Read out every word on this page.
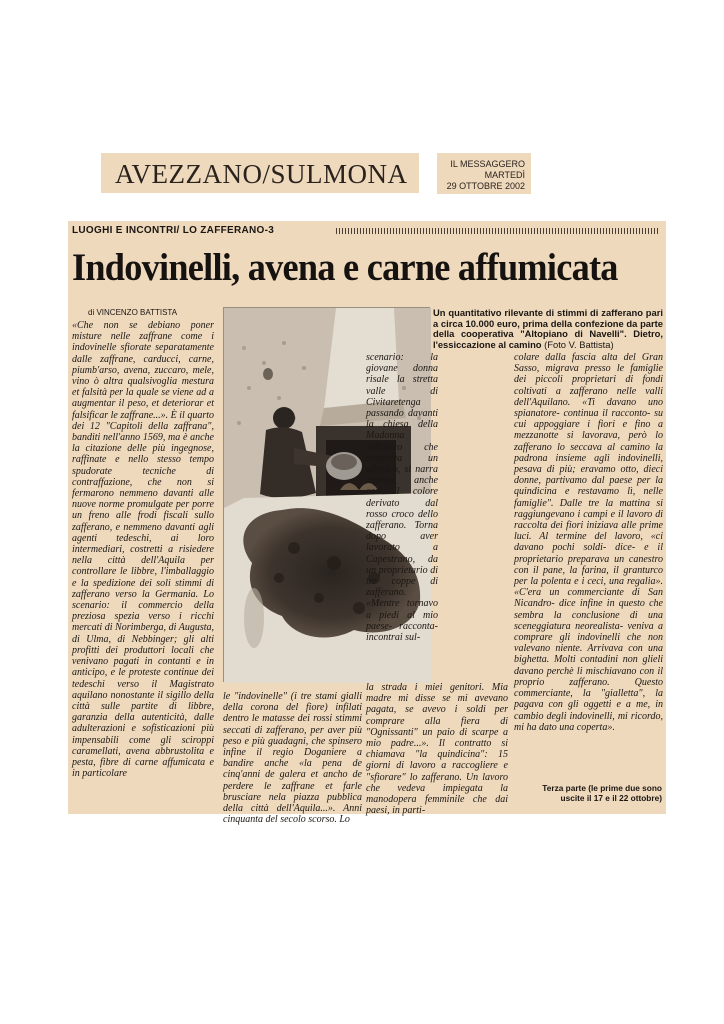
AVEZZANO/SULMONA	IL MESSAGGERO
MARTEDÌ
29 OTTOBRE 2002
LUOGHI E INCONTRI/ LO ZAFFERANO-3
Indovinelli, avena e carne affumicata
di VINCENZO BATTISTA

«Che non se debiano poner misture nelle zaffrane come i indovinelle sfiorate separatamente dalle zaffrane, carducci, carne, piumb'arso, avena, zuccaro, mele, vino ò altra qualsivoglia mestura et falsità per la quale se viene ad a augmentar il peso, et deteriorar et falsificar le zaffrane...». È il quarto dei 12 "Capitoli della zaffrana", banditi nell'anno 1569, ma è anche la citazione delle più ingegnose, raffinate e nello stesso tempo spudorate tecniche di contraffazione, che non si fermarono nemmeno davanti alle nuove norme promulgate per porre un freno alle frodi fiscali sullo zafferano, e nemmeno davanti agli agenti tedeschi, ai loro intermediari, costretti a risiedere nella città dell'Aquila per controllare le libbre, l'imballaggio e la spedizione dei soli stimmi di zafferano verso la Germania. Lo scenario: il commercio della preziosa spezia verso i ricchi mercati di Norimberga, di Augusta, di Ulma, di Nebbinger; gli alti profitti dei produttori locali che venivano pagati in contanti e in anticipo, e le proteste continue dei tedeschi verso il Magistrato aquilano nonostante il sigillo della città sulle partite di libbre, garanzia della autenticità, dalle adulterazioni e sofisticazioni più impensabili come gli sciroppi caramellati, avena abbrustolita e pesta, fibre di carne affumicata e in particolare

Un quantitativo rilevante di stimmi di zafferano pari a circa 10.000 euro, prima della confezione da parte della cooperativa "Altopiano di Navelli". Dietro, l'essiccazione al camino (Foto V. Battista)

le "indovinelle" (i tre stami gialli della corona del fiore) infilati dentro le matasse dei rossi stimmi seccati di zafferano, per aver più peso e più guadagni, che spinsero infine il regio Doganiere a bandire anche «la pena de cinq'anni de galera et ancho de perdere le zaffrane et farle brusciare nela piazza pubblica della città dell'Aquila...». Anni cinquanta del secolo scorso. Lo

scenario: la giovane donna risale la stretta valle di Civitaretenga passando davanti la chiesa della Madonna dell'Arco che conserva un affresco, si narra dipinto, anche con il colore derivato dal rosso croco dello zafferano. Torna dopo aver lavorato a Capestrano, da un proprietario di tre coppe di zafferano. «Mentre tornavo a piedi al mio paese- racconta- incontrai sul-

la strada i miei genitori. Mia madre mi disse se mi avevano pagata, se avevo i soldi per comprare alla fiera di "Ognissanti" un paio di scarpe a mio padre...». Il contratto si chiamava "la quindicina": 15 giorni di lavoro a raccogliere e "sfiorare" lo zafferano. Un lavoro che vedeva impiegata la manodopera femminile che dai paesi, in parti-

colare dalla fascia alta del Gran Sasso, migrava presso le famiglie dei piccoli proprietari di fondi coltivati a zafferano nelle valli dell'Aquilano. «Ti davano uno spianatore- continua il racconto- su cui appoggiare i fiori e fino a mezzanotte si lavorava, però lo zafferano lo seccava al camino la padrona insieme agli indovinelli, pesava di più; eravamo otto, dieci donne, partivamo dal paese per la quindicina e restavamo lì, nelle famiglie". Dalle tre la mattina si raggiungevano i campi e il lavoro di raccolta dei fiori iniziava alle prime luci. Al termine del lavoro, «ci davano pochi soldi- dice- e il proprietario preparava un canestro con il pane, la farina, il granturco per la polenta e i ceci, una regalia». «C'era un commerciante di San Nicandro- dice infine in questo che sembra la conclusione di una sceneggiatura neorealista- veniva a comprare gli indovinelli che non valevano niente. Arrivava con una bighetta. Molti contadini non glieli davano perchè li mischiavano con il proprio zafferano. Questo commerciante, la "gialletta", la pagava con gli oggetti e a me, in cambio degli indovinelli, mi ricordo, mi ha dato una coperta».

Terza parte (le prime due sono uscite il 17 e il 22 ottobre)
